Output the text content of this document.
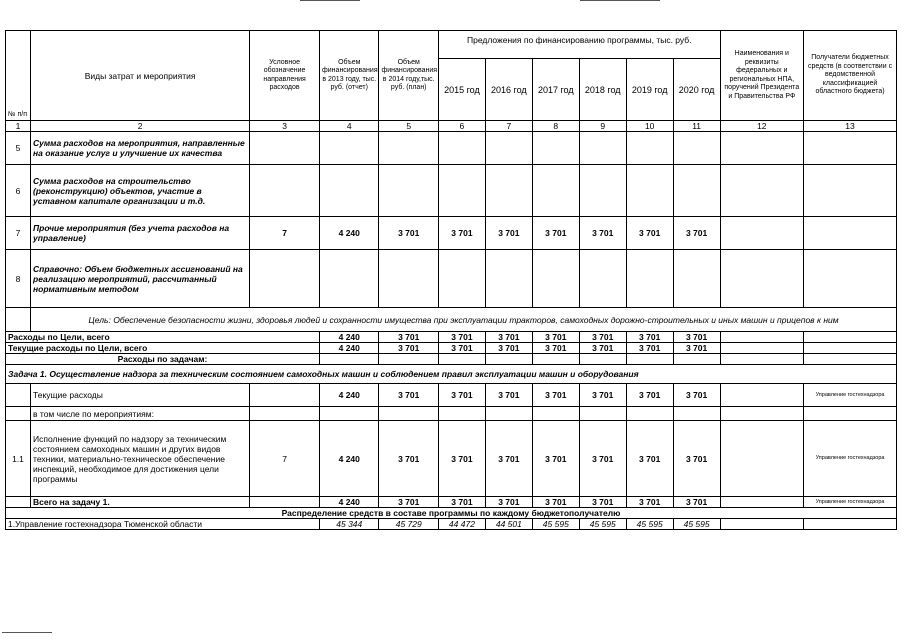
№ п/п	Виды затрат и мероприятия	Условное обозначение направления расходов	Объем финансирования в 2013 году, тыс. руб. (отчет)	Объем финансирования в 2014 году,тыс. руб. (план)	Предложения по финансированию программы, тыс. руб.						Наименования и реквизиты федеральных и региональных НПА, поручений Президента и Правительства РФ	Получатели бюджетных средств (в соответствии с ведомственной классификацией областного бюджета)
					2015 год	2016 год	2017 год	2018 год	2019 год	2020 год		
1	2	3	4	5	6	7	8	9	10	11	12	13
5	Сумма расходов на мероприятия, направленные на оказание услуг и улучшение их качества											
6	Сумма расходов на строительство (реконструкцию) объектов, участие в уставном капитале организации и т.д.											
7	Прочие мероприятия (без учета расходов на управление)	7	4 240	3 701	3 701	3 701	3 701	3 701	3 701	3 701		
8	Справочно: Объем бюджетных ассигнований на реализацию мероприятий, рассчитанный нормативным методом											
	Цель: Обеспечение безопасности жизни, здоровья людей и сохранности имущества при эксплуатации тракторов, самоходных дорожно-строительных и иных машин и прицепов к ним											
Расходы по Цели, всего			4 240	3 701	3 701	3 701	3 701	3 701	3 701	3 701		
Текущие расходы по Цели, всего			4 240	3 701	3 701	3 701	3 701	3 701	3 701	3 701		
Расходы по задачам:												
Задача 1. Осуществление надзора за техническим состоянием самоходных машин и соблюдением правил эксплуатации машин и оборудования												
	Текущие расходы		4 240	3 701	3 701	3 701	3 701	3 701	3 701	3 701		Управление гостехнадзора
	в том числе по мероприятиям:											
1.1	Исполнение функций по надзору за техническим состоянием самоходных машин и других видов техники, материально-техническое обеспечение инспекций, необходимое для достижения цели программы	7	4 240	3 701	3 701	3 701	3 701	3 701	3 701	3 701		Управление гостехнадзора
	Всего на задачу 1.		4 240	3 701	3 701	3 701	3 701	3 701	3 701	3 701		Управление гостехнадзора
Распределение средств в составе программы по каждому бюджетополучателю												
1.Управление гостехнадзора Тюменской области			45 344	45 729	44 472	44 501	45 595	45 595	45 595	45 595		
